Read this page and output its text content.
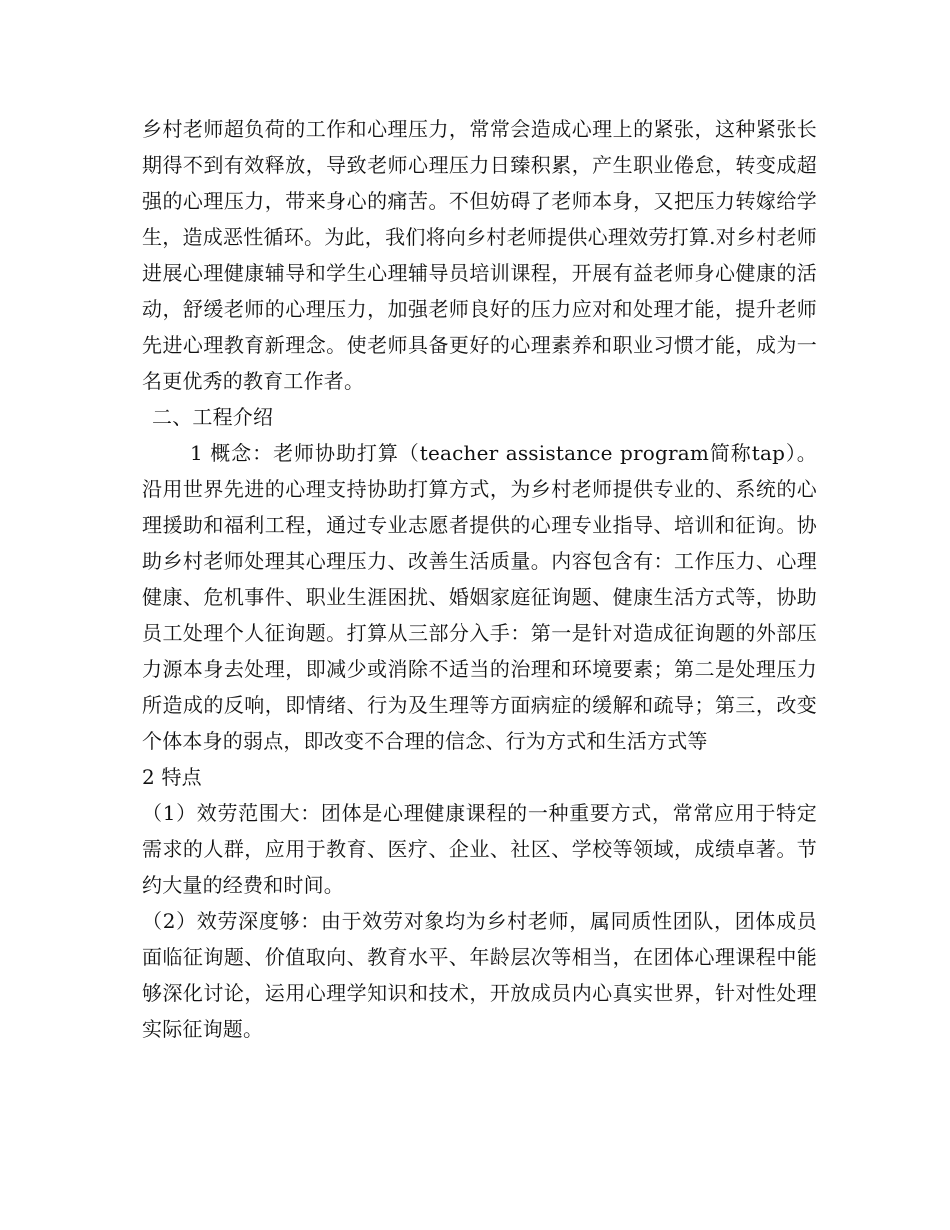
乡村老师超负荷的工作和心理压力，常常会造成心理上的紧张，这种紧张长期得不到有效释放，导致老师心理压力日臻积累，产生职业倦怠，转变成超强的心理压力，带来身心的痛苦。不但妨碍了老师本身，又把压力转嫁给学生，造成恶性循环。为此，我们将向乡村老师提供心理效劳打算.对乡村老师进展心理健康辅导和学生心理辅导员培训课程，开展有益老师身心健康的活动，舒缓老师的心理压力，加强老师良好的压力应对和处理才能，提升老师先进心理教育新理念。使老师具备更好的心理素养和职业习惯才能，成为一名更优秀的教育工作者。

二、工程介绍

1 概念：老师协助打算（teacher assistance program简称tap）。沿用世界先进的心理支持协助打算方式，为乡村老师提供专业的、系统的心理援助和福利工程，通过专业志愿者提供的心理专业指导、培训和征询。协助乡村老师处理其心理压力、改善生活质量。内容包含有：工作压力、心理健康、危机事件、职业生涯困扰、婚姻家庭征询题、健康生活方式等，协助员工处理个人征询题。打算从三部分入手：第一是针对造成征询题的外部压力源本身去处理，即减少或消除不适当的治理和环境要素；第二是处理压力所造成的反响，即情绪、行为及生理等方面病症的缓解和疏导；第三，改变个体本身的弱点，即改变不合理的信念、行为方式和生活方式等

2 特点

（1）效劳范围大：团体是心理健康课程的一种重要方式，常常应用于特定需求的人群，应用于教育、医疗、企业、社区、学校等领域，成绩卓著。节约大量的经费和时间。

（2）效劳深度够：由于效劳对象均为乡村老师，属同质性团队，团体成员面临征询题、价值取向、教育水平、年龄层次等相当，在团体心理课程中能够深化讨论，运用心理学知识和技术，开放成员内心真实世界，针对性处理实际征询题。
